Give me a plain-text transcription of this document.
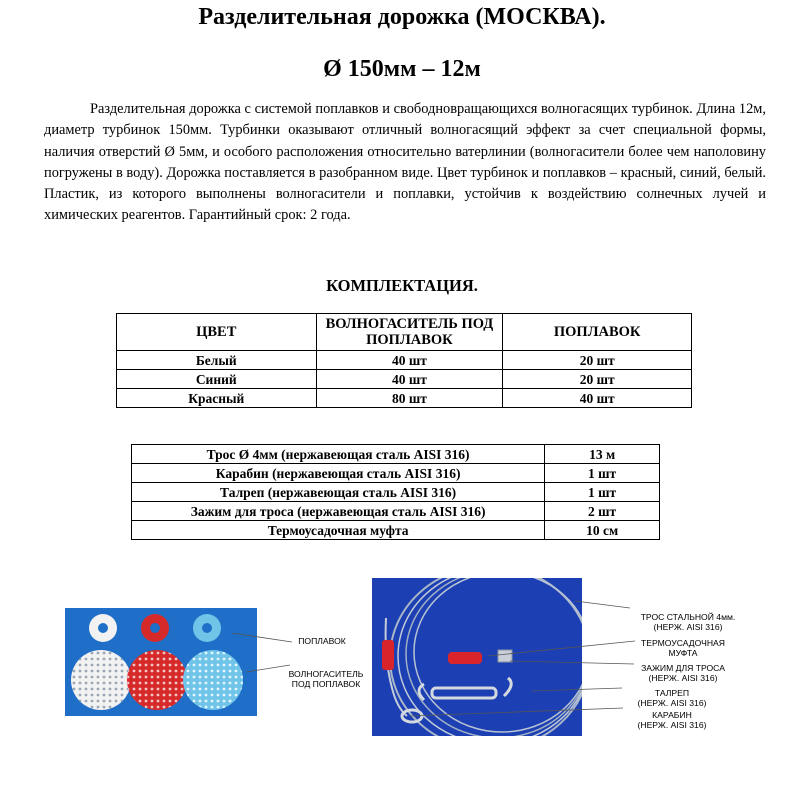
Разделительная дорожка (МОСКВА).
Ø 150мм – 12м

Разделительная дорожка с системой поплавков и свободновращающихся волногасящих турбинок. Длина 12м, диаметр турбинок 150мм. Турбинки оказывают отличный волногасящий эффект за счет специальной формы, наличия отверстий Ø 5мм, и особого расположения относительно ватерлинии (волногасители более чем наполовину погружены в воду). Дорожка поставляется в разобранном виде. Цвет турбинок и поплавков – красный, синий, белый. Пластик, из которого выполнены волногасители и поплавки, устойчив к воздействию солнечных лучей и химических реагентов. Гарантийный срок: 2 года.

КОМПЛЕКТАЦИЯ.
ЦВЕТ	ВОЛНОГАСИТЕЛЬ ПОД ПОПЛАВОК	ПОПЛАВОК
Белый	40 шт	20 шт
Синий	40 шт	20 шт
Красный	80 шт	40 шт
Трос Ø 4мм (нержавеющая сталь AISI 316)	13 м
Карабин (нержавеющая сталь AISI 316)	1 шт
Талреп (нержавеющая сталь AISI 316)	1 шт
Зажим для троса (нержавеющая сталь AISI 316)	2 шт
Термоусадочная муфта	10 см
ПОПЛАВОК

ВОЛНОГАСИТЕЛЬ
ПОД ПОПЛАВОК

ТРОС СТАЛЬНОЙ 4мм.
(НЕРЖ. AISI 316)

ТЕРМОУСАДОЧНАЯ
МУФТА

ЗАЖИМ ДЛЯ ТРОСА
(НЕРЖ. AISI 316)

ТАЛРЕП
(НЕРЖ. AISI 316)

КАРАБИН
(НЕРЖ. AISI 316)
